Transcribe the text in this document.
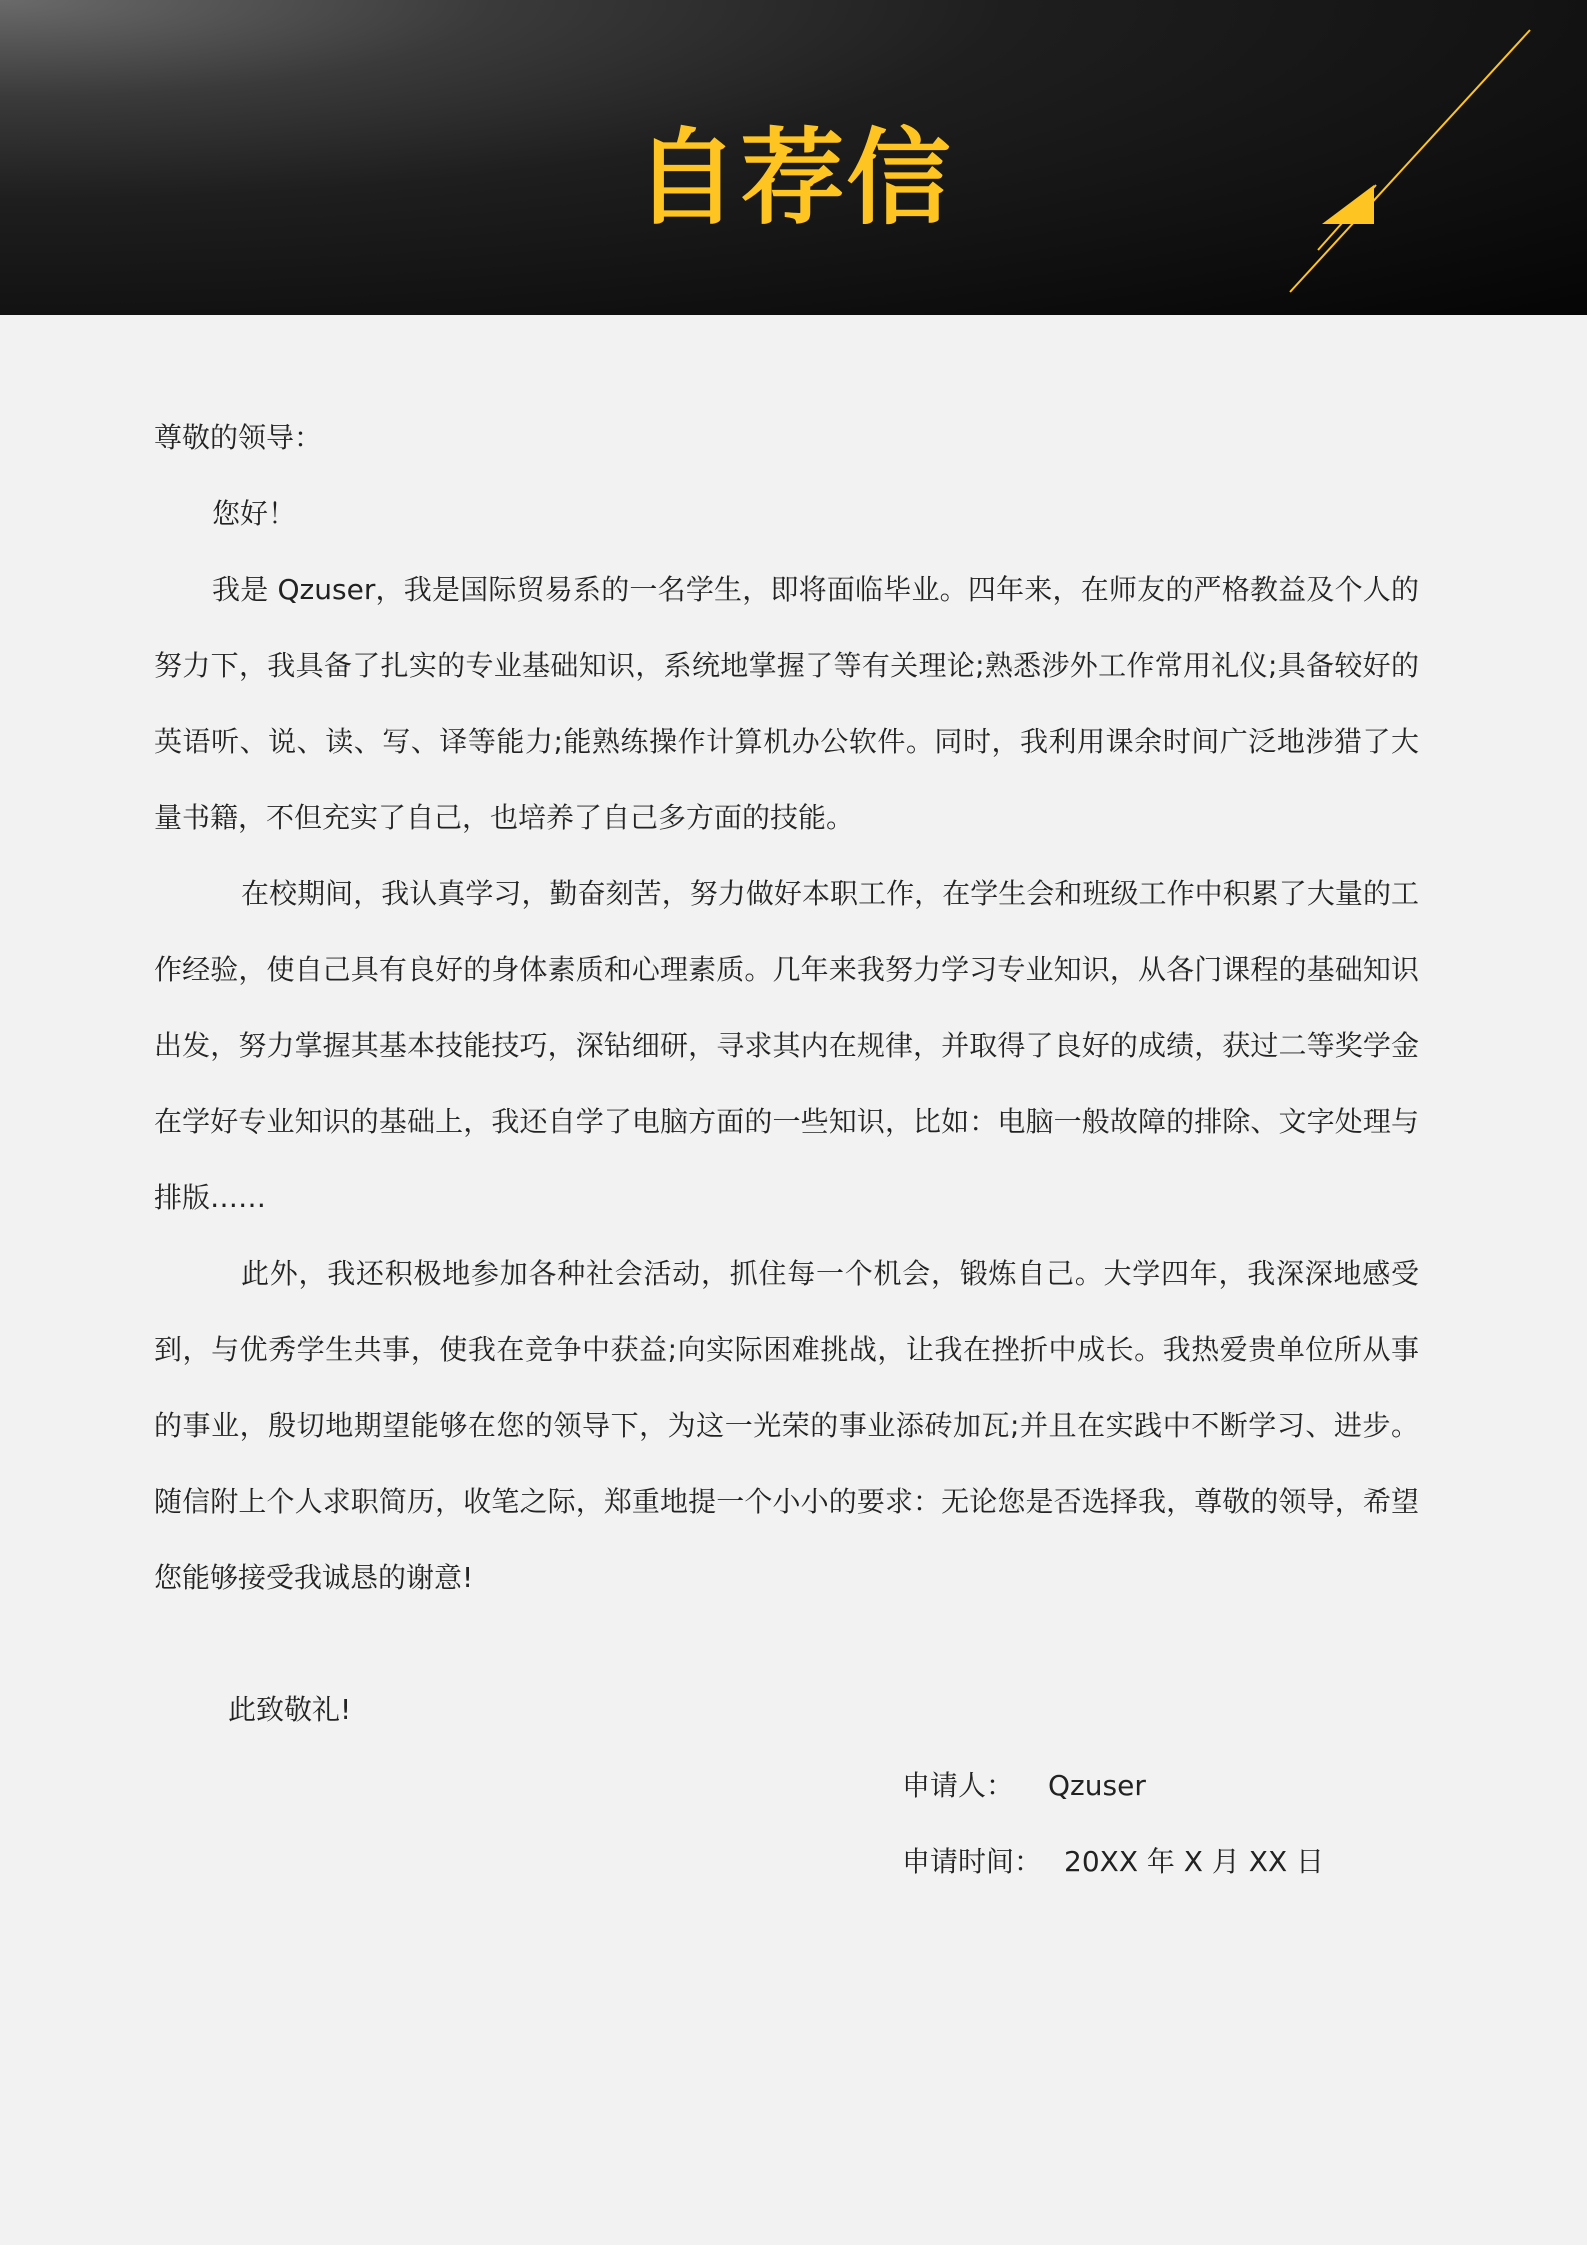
自荐信

尊敬的领导：

您好！

我是 Qzuser，我是国际贸易系的一名学生，即将面临毕业。四年来，在师友的严格教益及个人的努力下，我具备了扎实的专业基础知识，系统地掌握了等有关理论;熟悉涉外工作常用礼仪;具备较好的英语听、说、读、写、译等能力;能熟练操作计算机办公软件。同时，我利用课余时间广泛地涉猎了大量书籍，不但充实了自己，也培养了自己多方面的技能。

在校期间，我认真学习，勤奋刻苦，努力做好本职工作，在学生会和班级工作中积累了大量的工作经验，使自己具有良好的身体素质和心理素质。几年来我努力学习专业知识，从各门课程的基础知识出发，努力掌握其基本技能技巧，深钻细研，寻求其内在规律，并取得了良好的成绩，获过二等奖学金在学好专业知识的基础上，我还自学了电脑方面的一些知识，比如：电脑一般故障的排除、文字处理与排版……

此外，我还积极地参加各种社会活动，抓住每一个机会，锻炼自己。大学四年，我深深地感受到，与优秀学生共事，使我在竞争中获益;向实际困难挑战，让我在挫折中成长。我热爱贵单位所从事的事业，殷切地期望能够在您的领导下，为这一光荣的事业添砖加瓦;并且在实践中不断学习、进步。随信附上个人求职简历，收笔之际，郑重地提一个小小的要求：无论您是否选择我，尊敬的领导，希望您能够接受我诚恳的谢意!

此致敬礼!
申请人： Qzuser
申请时间： 20XX 年 X 月 XX 日
